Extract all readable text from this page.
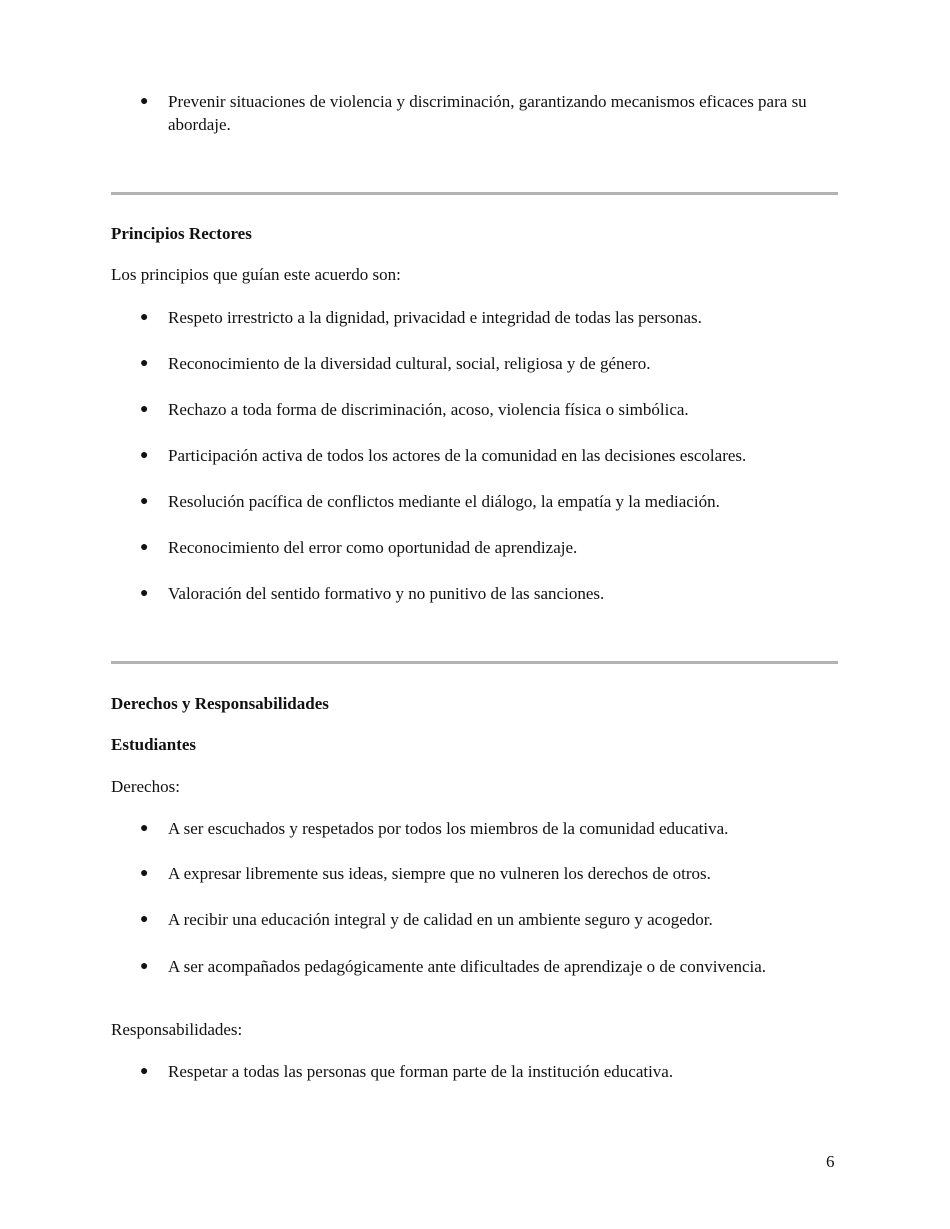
● Prevenir situaciones de violencia y discriminación, garantizando mecanismos eficaces para su abordaje.
Principios Rectores
Los principios que guían este acuerdo son:
● Respeto irrestricto a la dignidad, privacidad e integridad de todas las personas.
● Reconocimiento de la diversidad cultural, social, religiosa y de género.
● Rechazo a toda forma de discriminación, acoso, violencia física o simbólica.
● Participación activa de todos los actores de la comunidad en las decisiones escolares.
● Resolución pacífica de conflictos mediante el diálogo, la empatía y la mediación.
● Reconocimiento del error como oportunidad de aprendizaje.
● Valoración del sentido formativo y no punitivo de las sanciones.
Derechos y Responsabilidades
Estudiantes
Derechos:
● A ser escuchados y respetados por todos los miembros de la comunidad educativa.
● A expresar libremente sus ideas, siempre que no vulneren los derechos de otros.
● A recibir una educación integral y de calidad en un ambiente seguro y acogedor.
● A ser acompañados pedagógicamente ante dificultades de aprendizaje o de convivencia.
Responsabilidades:
● Respetar a todas las personas que forman parte de la institución educativa.
6
